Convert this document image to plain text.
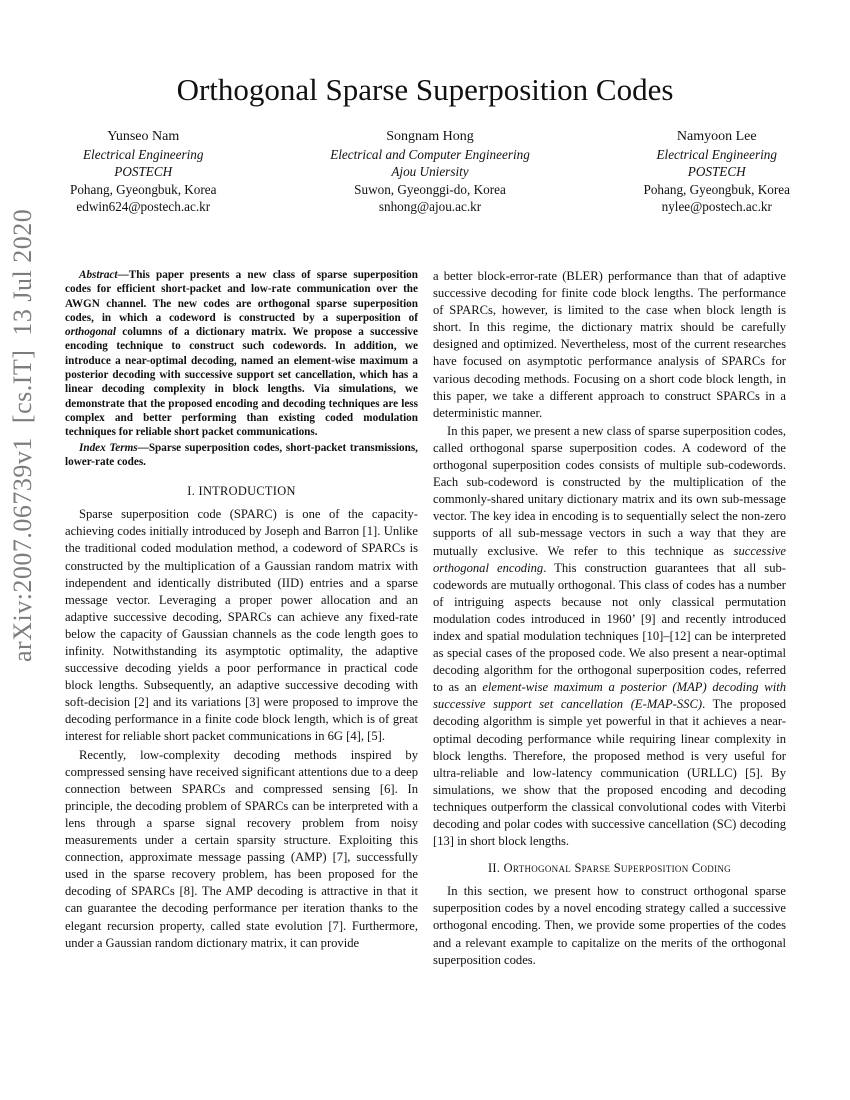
arXiv:2007.06739v1  [cs.IT]  13 Jul 2020
Orthogonal Sparse Superposition Codes
Yunseo Nam
Electrical Engineering
POSTECH
Pohang, Gyeongbuk, Korea
edwin624@postech.ac.kr
Songnam Hong
Electrical and Computer Engineering
Ajou Uniersity
Suwon, Gyeonggi-do, Korea
snhong@ajou.ac.kr
Namyoon Lee
Electrical Engineering
POSTECH
Pohang, Gyeongbuk, Korea
nylee@postech.ac.kr

Abstract—This paper presents a new class of sparse superposition codes for efficient short-packet and low-rate communication over the AWGN channel. The new codes are orthogonal sparse superposition codes, in which a codeword is constructed by a superposition of orthogonal columns of a dictionary matrix. We propose a successive encoding technique to construct such codewords. In addition, we introduce a near-optimal decoding, named an element-wise maximum a posterior decoding with successive support set cancellation, which has a linear decoding complexity in block lengths. Via simulations, we demonstrate that the proposed encoding and decoding techniques are less complex and better performing than existing coded modulation techniques for reliable short packet communications.

Index Terms—Sparse superposition codes, short-packet transmissions, lower-rate codes.

I. INTRODUCTION

Sparse superposition code (SPARC) is one of the capacity-achieving codes initially introduced by Joseph and Barron [1]. Unlike the traditional coded modulation method, a codeword of SPARCs is constructed by the multiplication of a Gaussian random matrix with independent and identically distributed (IID) entries and a sparse message vector. Leveraging a proper power allocation and an adaptive successive decoding, SPARCs can achieve any fixed-rate below the capacity of Gaussian channels as the code length goes to infinity. Notwithstanding its asymptotic optimality, the adaptive successive decoding yields a poor performance in practical code block lengths. Subsequently, an adaptive successive decoding with soft-decision [2] and its variations [3] were proposed to improve the decoding performance in a finite code block length, which is of great interest for reliable short packet communications in 6G [4], [5].

Recently, low-complexity decoding methods inspired by compressed sensing have received significant attentions due to a deep connection between SPARCs and compressed sensing [6]. In principle, the decoding problem of SPARCs can be interpreted with a lens through a sparse signal recovery problem from noisy measurements under a certain sparsity structure. Exploiting this connection, approximate message passing (AMP) [7], successfully used in the sparse recovery problem, has been proposed for the decoding of SPARCs [8]. The AMP decoding is attractive in that it can guarantee the decoding performance per iteration thanks to the elegant recursion property, called state evolution [7]. Furthermore, under a Gaussian random dictionary matrix, it can provide

a better block-error-rate (BLER) performance than that of adaptive successive decoding for finite code block lengths. The performance of SPARCs, however, is limited to the case when block length is short. In this regime, the dictionary matrix should be carefully designed and optimized. Nevertheless, most of the current researches have focused on asymptotic performance analysis of SPARCs for various decoding methods. Focusing on a short code block length, in this paper, we take a different approach to construct SPARCs in a deterministic manner.

In this paper, we present a new class of sparse superposition codes, called orthogonal sparse superposition codes. A codeword of the orthogonal superposition codes consists of multiple sub-codewords. Each sub-codeword is constructed by the multiplication of the commonly-shared unitary dictionary matrix and its own sub-message vector. The key idea in encoding is to sequentially select the non-zero supports of all sub-message vectors in such a way that they are mutually exclusive. We refer to this technique as successive orthogonal encoding. This construction guarantees that all sub-codewords are mutually orthogonal. This class of codes has a number of intriguing aspects because not only classical permutation modulation codes introduced in 1960’ [9] and recently introduced index and spatial modulation techniques [10]–[12] can be interpreted as special cases of the proposed code. We also present a near-optimal decoding algorithm for the orthogonal superposition codes, referred to as an element-wise maximum a posterior (MAP) decoding with successive support set cancellation (E-MAP-SSC). The proposed decoding algorithm is simple yet powerful in that it achieves a near-optimal decoding performance while requiring linear complexity in block lengths. Therefore, the proposed method is very useful for ultra-reliable and low-latency communication (URLLC) [5]. By simulations, we show that the proposed encoding and decoding techniques outperform the classical convolutional codes with Viterbi decoding and polar codes with successive cancellation (SC) decoding [13] in short block lengths.

II. Orthogonal Sparse Superposition Coding

In this section, we present how to construct orthogonal sparse superposition codes by a novel encoding strategy called a successive orthogonal encoding. Then, we provide some properties of the codes and a relevant example to capitalize on the merits of the orthogonal superposition codes.
